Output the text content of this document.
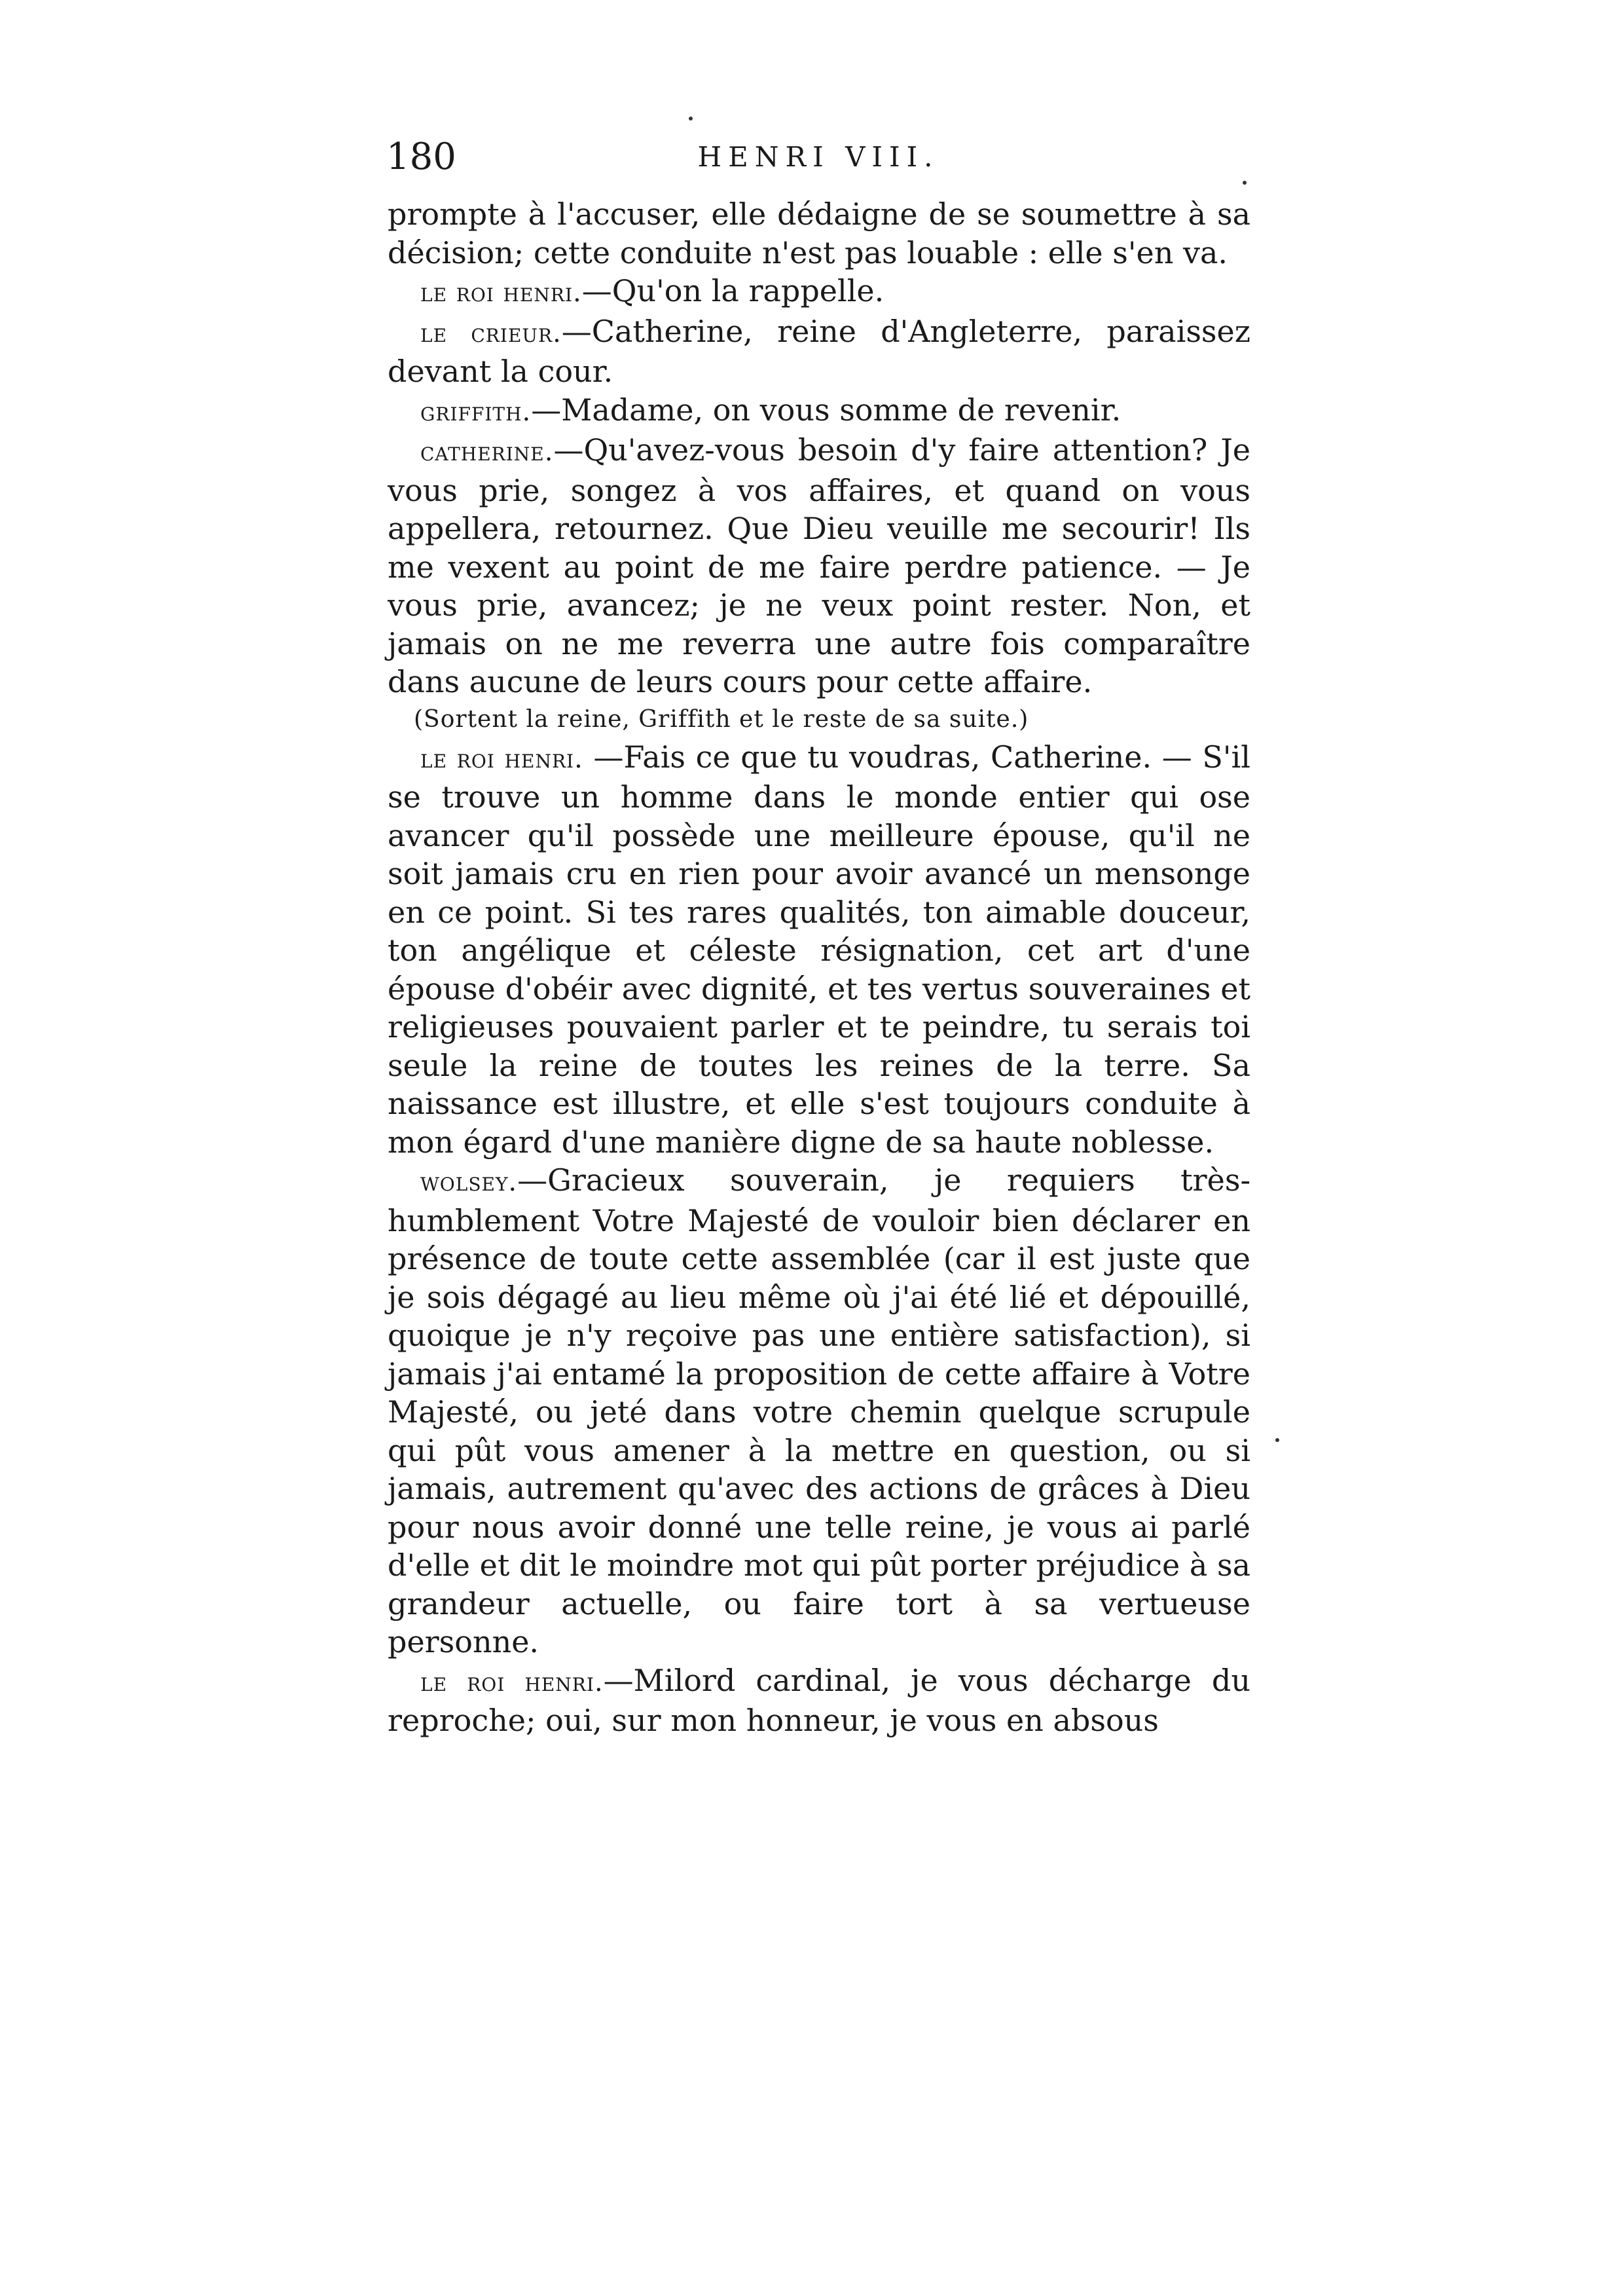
180	HENRI VIII.

prompte à l'accuser, elle dédaigne de se soumettre à sa décision; cette conduite n'est pas louable : elle s'en va.

le roi henri.—Qu'on la rappelle.

le crieur.—Catherine, reine d'Angleterre, paraissez devant la cour.

griffith.—Madame, on vous somme de revenir.

catherine.—Qu'avez-vous besoin d'y faire attention? Je vous prie, songez à vos affaires, et quand on vous appellera, retournez. Que Dieu veuille me secourir! Ils me vexent au point de me faire perdre patience. — Je vous prie, avancez; je ne veux point rester. Non, et jamais on ne me reverra une autre fois comparaître dans aucune de leurs cours pour cette affaire.

(Sortent la reine, Griffith et le reste de sa suite.)

le roi henri. —Fais ce que tu voudras, Catherine. — S'il se trouve un homme dans le monde entier qui ose avancer qu'il possède une meilleure épouse, qu'il ne soit jamais cru en rien pour avoir avancé un mensonge en ce point. Si tes rares qualités, ton aimable douceur, ton angélique et céleste résignation, cet art d'une épouse d'obéir avec dignité, et tes vertus souveraines et religieuses pouvaient parler et te peindre, tu serais toi seule la reine de toutes les reines de la terre. Sa naissance est illustre, et elle s'est toujours conduite à mon égard d'une manière digne de sa haute noblesse.

wolsey.—Gracieux souverain, je requiers très-humblement Votre Majesté de vouloir bien déclarer en présence de toute cette assemblée (car il est juste que je sois dégagé au lieu même où j'ai été lié et dépouillé, quoique je n'y reçoive pas une entière satisfaction), si jamais j'ai entamé la proposition de cette affaire à Votre Majesté, ou jeté dans votre chemin quelque scrupule qui pût vous amener à la mettre en question, ou si jamais, autrement qu'avec des actions de grâces à Dieu pour nous avoir donné une telle reine, je vous ai parlé d'elle et dit le moindre mot qui pût porter préjudice à sa grandeur actuelle, ou faire tort à sa vertueuse personne.

le roi henri.—Milord cardinal, je vous décharge du reproche; oui, sur mon honneur, je vous en absous
